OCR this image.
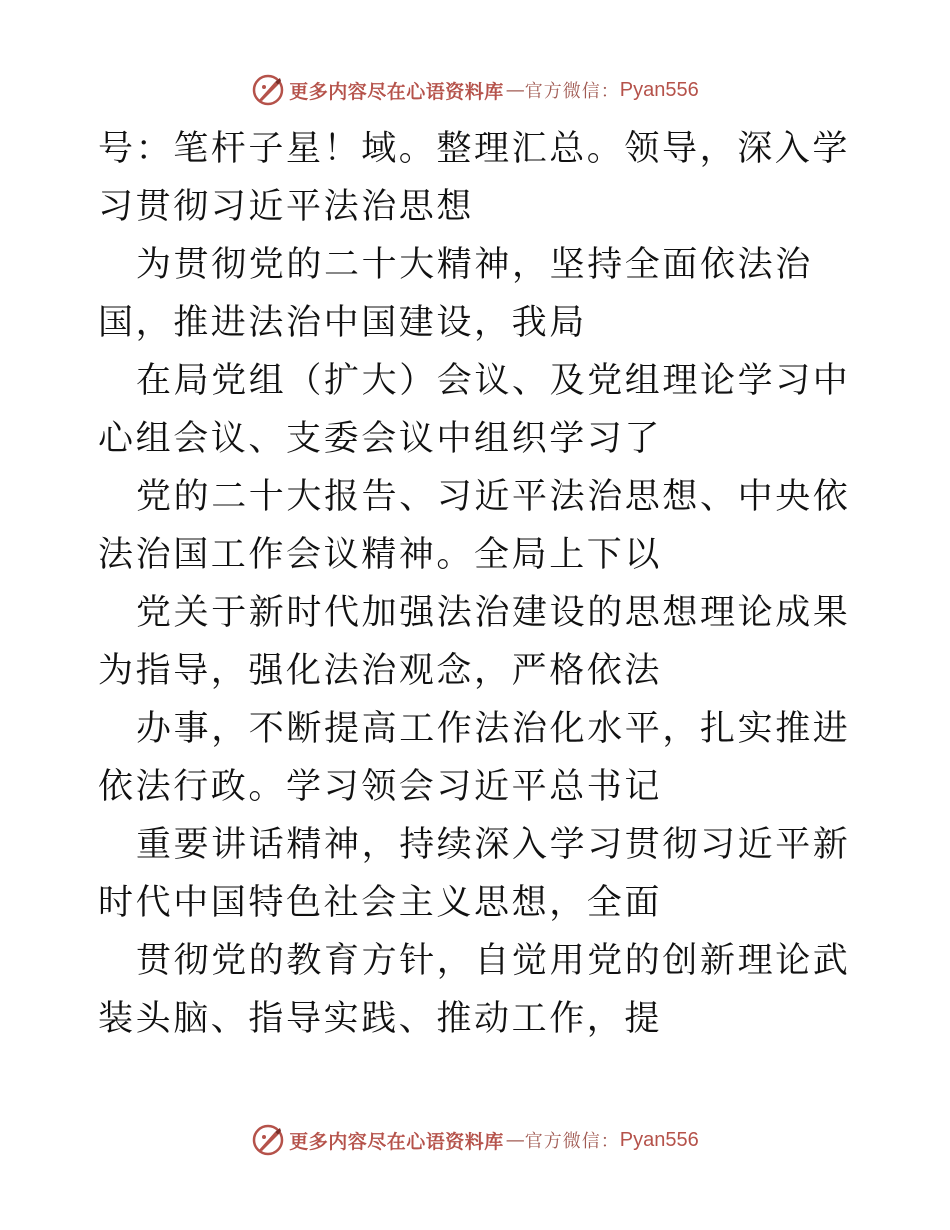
更多内容尽在心语资料库 — 官方微信： Pyan556

号：笔杆子星！域。整理汇总。领导，深入学习贯彻习近平法治思想

为贯彻党的二十大精神，坚持全面依法治国，推进法治中国建设，我局

在局党组（扩大）会议、及党组理论学习中心组会议、支委会议中组织学习了

党的二十大报告、习近平法治思想、中央依法治国工作会议精神。全局上下以

党关于新时代加强法治建设的思想理论成果为指导，强化法治观念，严格依法

办事，不断提高工作法治化水平，扎实推进依法行政。学习领会习近平总书记

重要讲话精神，持续深入学习贯彻习近平新时代中国特色社会主义思想，全面

贯彻党的教育方针，自觉用党的创新理论武装头脑、指导实践、推动工作，提

更多内容尽在心语资料库 — 官方微信： Pyan556
